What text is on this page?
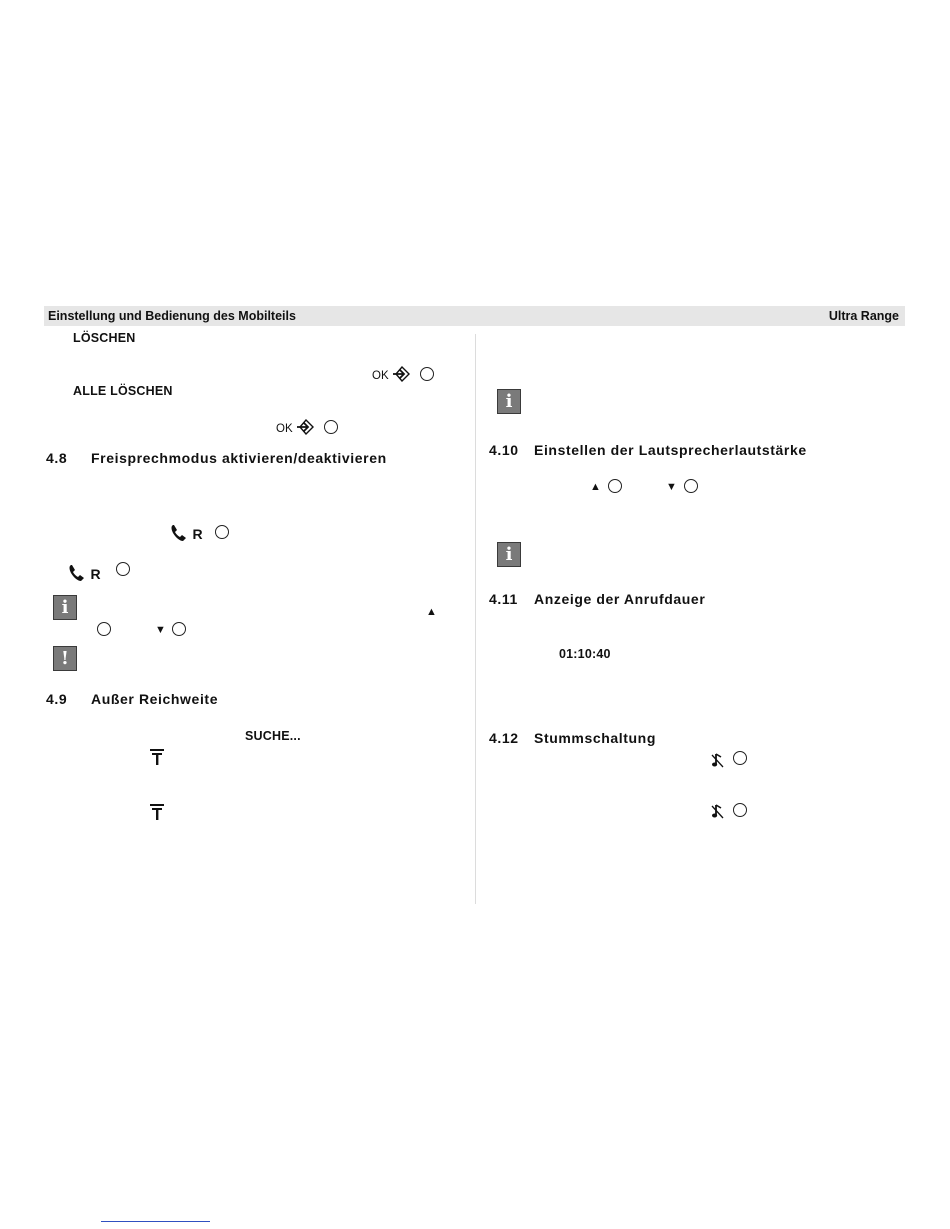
Einstellung und Bedienung des Mobilteils	Ultra Range
LÖSCHEN
OK
ALLE LÖSCHEN
OK
4.8 Freisprechmodus aktivieren/deaktivieren
R
R
i	▲
▼
!
4.9 Außer Reichweite
SUCHE...
i
4.10 Einstellen der Lautsprecherlautstärke
▲	▼
i
4.11 Anzeige der Anrufdauer
01:10:40
4.12 Stummschaltung
